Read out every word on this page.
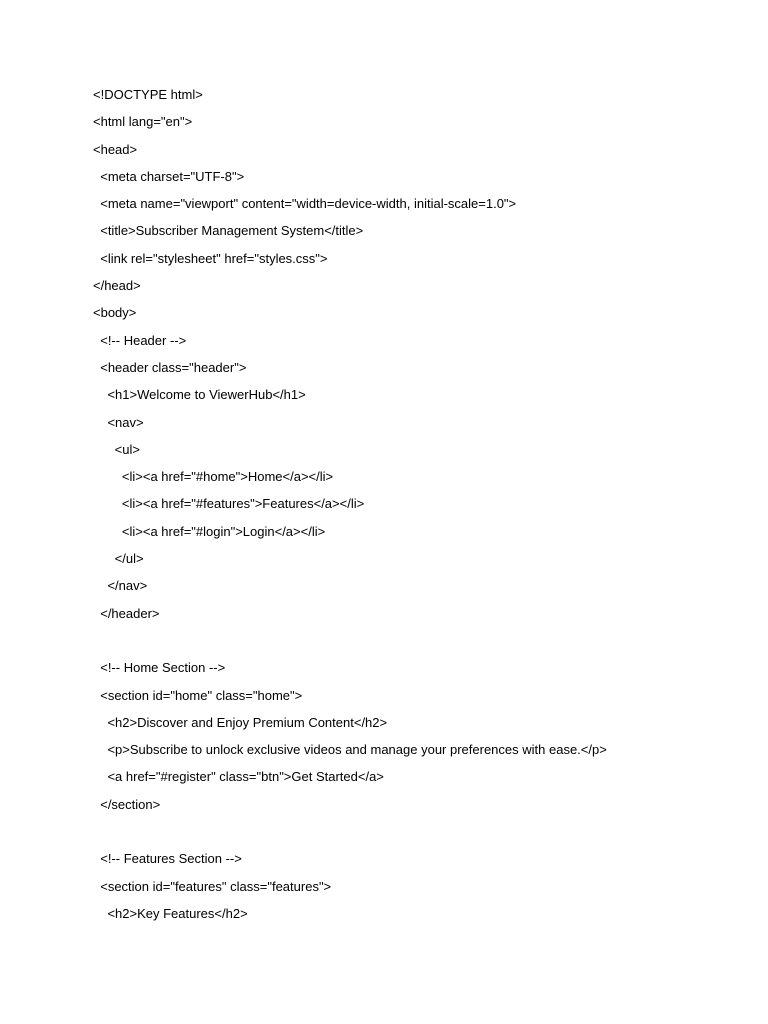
<!DOCTYPE html>
<html lang="en">
<head>
<meta charset="UTF-8">
<meta name="viewport" content="width=device-width, initial-scale=1.0">
<title>Subscriber Management System</title>
<link rel="stylesheet" href="styles.css">
</head>
<body>
<!-- Header -->
<header class="header">
<h1>Welcome to ViewerHub</h1>
<nav>
<ul>
<li><a href="#home">Home</a></li>
<li><a href="#features">Features</a></li>
<li><a href="#login">Login</a></li>
</ul>
</nav>
</header>
<!-- Home Section -->
<section id="home" class="home">
<h2>Discover and Enjoy Premium Content</h2>
<p>Subscribe to unlock exclusive videos and manage your preferences with ease.</p>
<a href="#register" class="btn">Get Started</a>
</section>
<!-- Features Section -->
<section id="features" class="features">
<h2>Key Features</h2>
